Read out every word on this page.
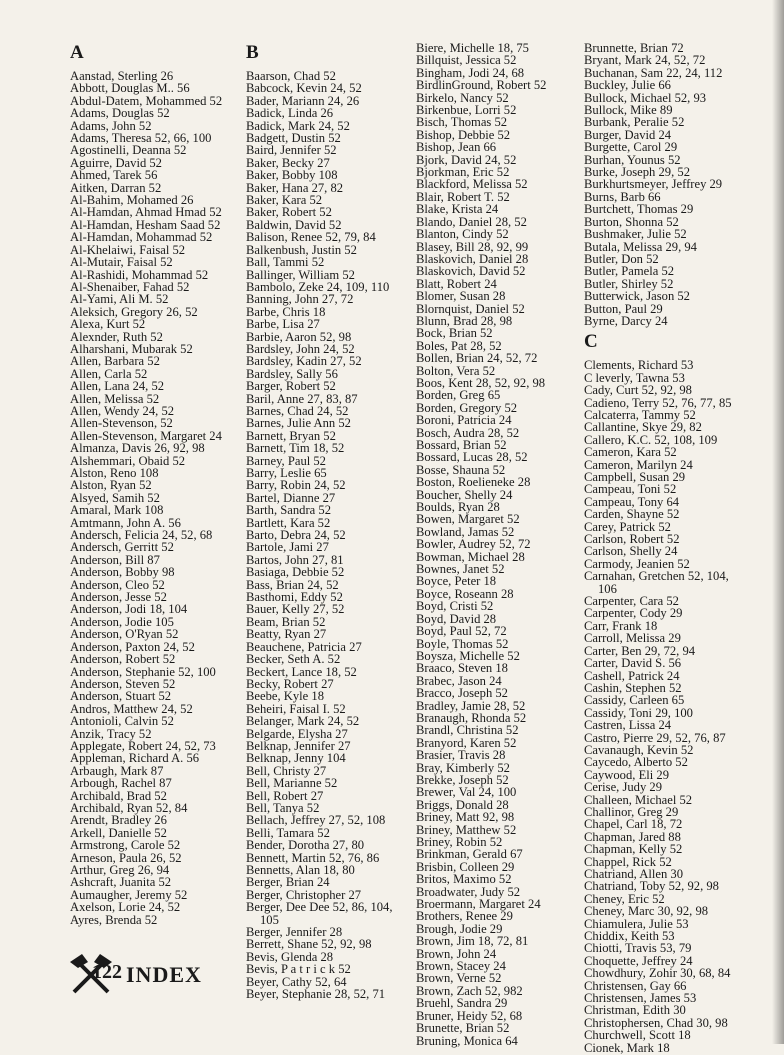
A
Aanstad, Sterling 26
Abbott, Douglas M.. 56
Abdul-Datem, Mohammed 52
Adams, Douglas 52
Adams, John 52
Adams, Theresa 52, 66, 100
Agostinelli, Deanna 52
Aguirre, David 52
Ahmed, Tarek 56
Aitken, Darran 52
Al-Bahim, Mohamed 26
Al-Hamdan, Ahmad Hmad 52
Al-Hamdan, Hesham Saad 52
Al-Hamdan, Mohammad 52
Al-Khelaiwi, Faisal 52
Al-Mutair, Faisal 52
Al-Rashidi, Mohammad 52
Al-Shenaiber, Fahad 52
Al-Yami, Ali M. 52
Aleksich, Gregory 26, 52
Alexa, Kurt 52
Alexnder, Ruth 52
Alharshani, Mubarak 52
Allen, Barbara 52
Allen, Carla 52
Allen, Lana 24, 52
Allen, Melissa 52
Allen, Wendy 24, 52
Allen-Stevenson, 52
Allen-Stevenson, Margaret 24
Almanza, Davis 26, 92, 98
Alshemmari, Obaid 52
Alston, Reno 108
Alston, Ryan 52
Alsyed, Samih 52
Amaral, Mark 108
Amtmann, John A. 56
Andersch, Felicia 24, 52, 68
Andersch, Gerritt 52
Anderson, Bill 87
Anderson, Bobby 98
Anderson, Cleo 52
Anderson, Jesse 52
Anderson, Jodi 18, 104
Anderson, Jodie 105
Anderson, O'Ryan 52
Anderson, Paxton 24, 52
Anderson, Robert 52
Anderson, Stephanie 52, 100
Anderson, Steven 52
Anderson, Stuart 52
Andros, Matthew 24, 52
Antonioli, Calvin 52
Anzik, Tracy 52
Applegate, Robert 24, 52, 73
Appleman, Richard A. 56
Arbaugh, Mark 87
Arbough, Rachel 87
Archibald, Brad 52
Archibald, Ryan 52, 84
Arendt, Bradley 26
Arkell, Danielle 52
Armstrong, Carole 52
Arneson, Paula 26, 52
Arthur, Greg 26, 94
Ashcraft, Juanita 52
Aumaugher, Jeremy 52
Axelson, Lorie 24, 52
Ayres, Brenda 52
B
Baarson, Chad 52
Babcock, Kevin 24, 52
Bader, Mariann 24, 26
Badick, Linda 26
Badick, Mark 24, 52
Badgett, Dustin 52
Baird, Jennifer 52
Baker, Becky 27
Baker, Bobby 108
Baker, Hana 27, 82
Baker, Kara 52
Baker, Robert 52
Baldwin, David 52
Balison, Renee 52, 79, 84
Balkenbush, Justin 52
Ball, Tammi 52
Ballinger, William 52
Bambolo, Zeke 24, 109, 110
Banning, John 27, 72
Barbe, Chris 18
Barbe, Lisa 27
Barbie, Aaron 52, 98
Bardsley, John 24, 52
Bardsley, Kadin 27, 52
Bardsley, Sally 56
Barger, Robert 52
Baril, Anne 27, 83, 87
Barnes, Chad 24, 52
Barnes, Julie Ann 52
Barnett, Bryan 52
Barnett, Tim 18, 52
Barney, Paul 52
Barry, Leslie 65
Barry, Robin 24, 52
Bartel, Dianne 27
Barth, Sandra 52
Bartlett, Kara 52
Barto, Debra 24, 52
Bartole, Jami 27
Bartos, John 27, 81
Basiaga, Debbie 52
Bass, Brian 24, 52
Basthomi, Eddy 52
Bauer, Kelly 27, 52
Beam, Brian 52
Beatty, Ryan 27
Beauchene, Patricia 27
Becker, Seth A. 52
Beckert, Lance 18, 52
Becky, Robert 27
Beebe, Kyle 18
Beheiri, Faisal I. 52
Belanger, Mark 24, 52
Belgarde, Elysha 27
Belknap, Jennifer 27
Belknap, Jenny 104
Bell, Christy 27
Bell, Marianne 52
Bell, Robert 27
Bell, Tanya 52
Bellach, Jeffrey 27, 52, 108
Belli, Tamara 52
Bender, Dorotha 27, 80
Bennett, Martin 52, 76, 86
Bennetts, Alan 18, 80
Berger, Brian 24
Berger, Christopher 27
Berger, Dee Dee 52, 86, 104, 105
Berger, Jennifer 28
Berrett, Shane 52, 92, 98
Bevis, Glenda 28
Bevis, P a t r i c k 52
Beyer, Cathy 52, 64
Beyer, Stephanie 28, 52, 71
Biere, Michelle 18, 75
Billquist, Jessica 52
Bingham, Jodi 24, 68
BirdlinGround, Robert 52
Birkelo, Nancy 52
Birkenbue, Lorri 52
Bisch, Thomas 52
Bishop, Debbie 52
Bishop, Jean 66
Bjork, David 24, 52
Bjorkman, Eric 52
Blackford, Melissa 52
Blair, Robert T. 52
Blake, Krista 24
Blando, Daniel 28, 52
Blanton, Cindy 52
Blasey, Bill 28, 92, 99
Blaskovich, Daniel 28
Blaskovich, David 52
Blatt, Robert 24
Blomer, Susan 28
Blornquist, Daniel 52
Blunn, Brad 28, 98
Bock, Brian 52
Boles, Pat 28, 52
Bollen, Brian 24, 52, 72
Bolton, Vera 52
Boos, Kent 28, 52, 92, 98
Borden, Greg 65
Borden, Gregory 52
Boroni, Patricia 24
Bosch, Audra 28, 52
Bossard, Brian 52
Bossard, Lucas 28, 52
Bosse, Shauna 52
Boston, Roelieneke 28
Boucher, Shelly 24
Boulds, Ryan 28
Bowen, Margaret 52
Bowland, Jamas 52
Bowler, Audrey 52, 72
Bowman, Michael 28
Bownes, Janet 52
Boyce, Peter 18
Boyce, Roseann 28
Boyd, Cristi 52
Boyd, David 28
Boyd, Paul 52, 72
Boyle, Thomas 52
Boysza, Michelle 52
Braaco, Steven 18
Brabec, Jason 24
Bracco, Joseph 52
Bradley, Jamie 28, 52
Branaugh, Rhonda 52
Brandl, Christina 52
Branyord, Karen 52
Brasier, Travis 28
Bray, Kimberly 52
Brekke, Joseph 52
Brewer, Val 24, 100
Briggs, Donald 28
Briney, Matt 92, 98
Briney, Matthew 52
Briney, Robin 52
Brinkman, Gerald 67
Brisbin, Colleen 29
Britos, Maximo 52
Broadwater, Judy 52
Broermann, Margaret 24
Brothers, Renee 29
Brough, Jodie 29
Brown, Jim 18, 72, 81
Brown, John 24
Brown, Stacey 24
Brown, Verne 52
Brown, Zach 52, 982
Bruehl, Sandra 29
Bruner, Heidy 52, 68
Brunette, Brian 52
Bruning, Monica 64
Brunnette, Brian 72
Bryant, Mark 24, 52, 72
Buchanan, Sam 22, 24, 112
Buckley, Julie 66
Bullock, Michael 52, 93
Bullock, Mike 89
Burbank, Peralie 52
Burger, David 24
Burgette, Carol 29
Burhan, Younus 52
Burke, Joseph 29, 52
Burkhurtsmeyer, Jeffrey 29
Burns, Barb 66
Burtchett, Thomas 29
Burton, Shonna 52
Bushmaker, Julie 52
Butala, Melissa 29, 94
Butler, Don 52
Butler, Pamela 52
Butler, Shirley 52
Butterwick, Jason 52
Button, Paul 29
Byrne, Darcy 24
C
Clements, Richard 53
C leverly, Tawna 53
Cady, Curt 52, 92, 98
Cadieno, Terry 52, 76, 77, 85
Calcaterra, Tammy 52
Callantine, Skye 29, 82
Callero, K.C. 52, 108, 109
Cameron, Kara 52
Cameron, Marilyn 24
Campbell, Susan 29
Campeau, Toni 52
Campeau, Tony 64
Carden, Shayne 52
Carey, Patrick 52
Carlson, Robert 52
Carlson, Shelly 24
Carmody, Jeanien 52
Carnahan, Gretchen 52, 104, 106
Carpenter, Cara 52
Carpenter, Cody 29
Carr, Frank 18
Carroll, Melissa 29
Carter, Ben 29, 72, 94
Carter, David S. 56
Cashell, Patrick 24
Cashin, Stephen 52
Cassidy, Carleen 65
Cassidy, Toni 29, 100
Castren, Lissa 24
Castro, Pierre 29, 52, 76, 87
Cavanaugh, Kevin 52
Caycedo, Alberto 52
Caywood, Eli 29
Cerise, Judy 29
Challeen, Michael 52
Challinor, Greg 29
Chapel, Carl 18, 72
Chapman, Jared 88
Chapman, Kelly 52
Chappel, Rick 52
Chatriand, Allen 30
Chatriand, Toby 52, 92, 98
Cheney, Eric 52
Cheney, Marc 30, 92, 98
Chiamulera, Julie 53
Chiddix, Keith 53
Chiotti, Travis 53, 79
Choquette, Jeffrey 24
Chowdhury, Zohir 30, 68, 84
Christensen, Gay 66
Christensen, James 53
Christman, Edith 30
Christophersen, Chad 30, 98
Churchwell, Scott 18
Cionek, Mark 18
INDEX
122
